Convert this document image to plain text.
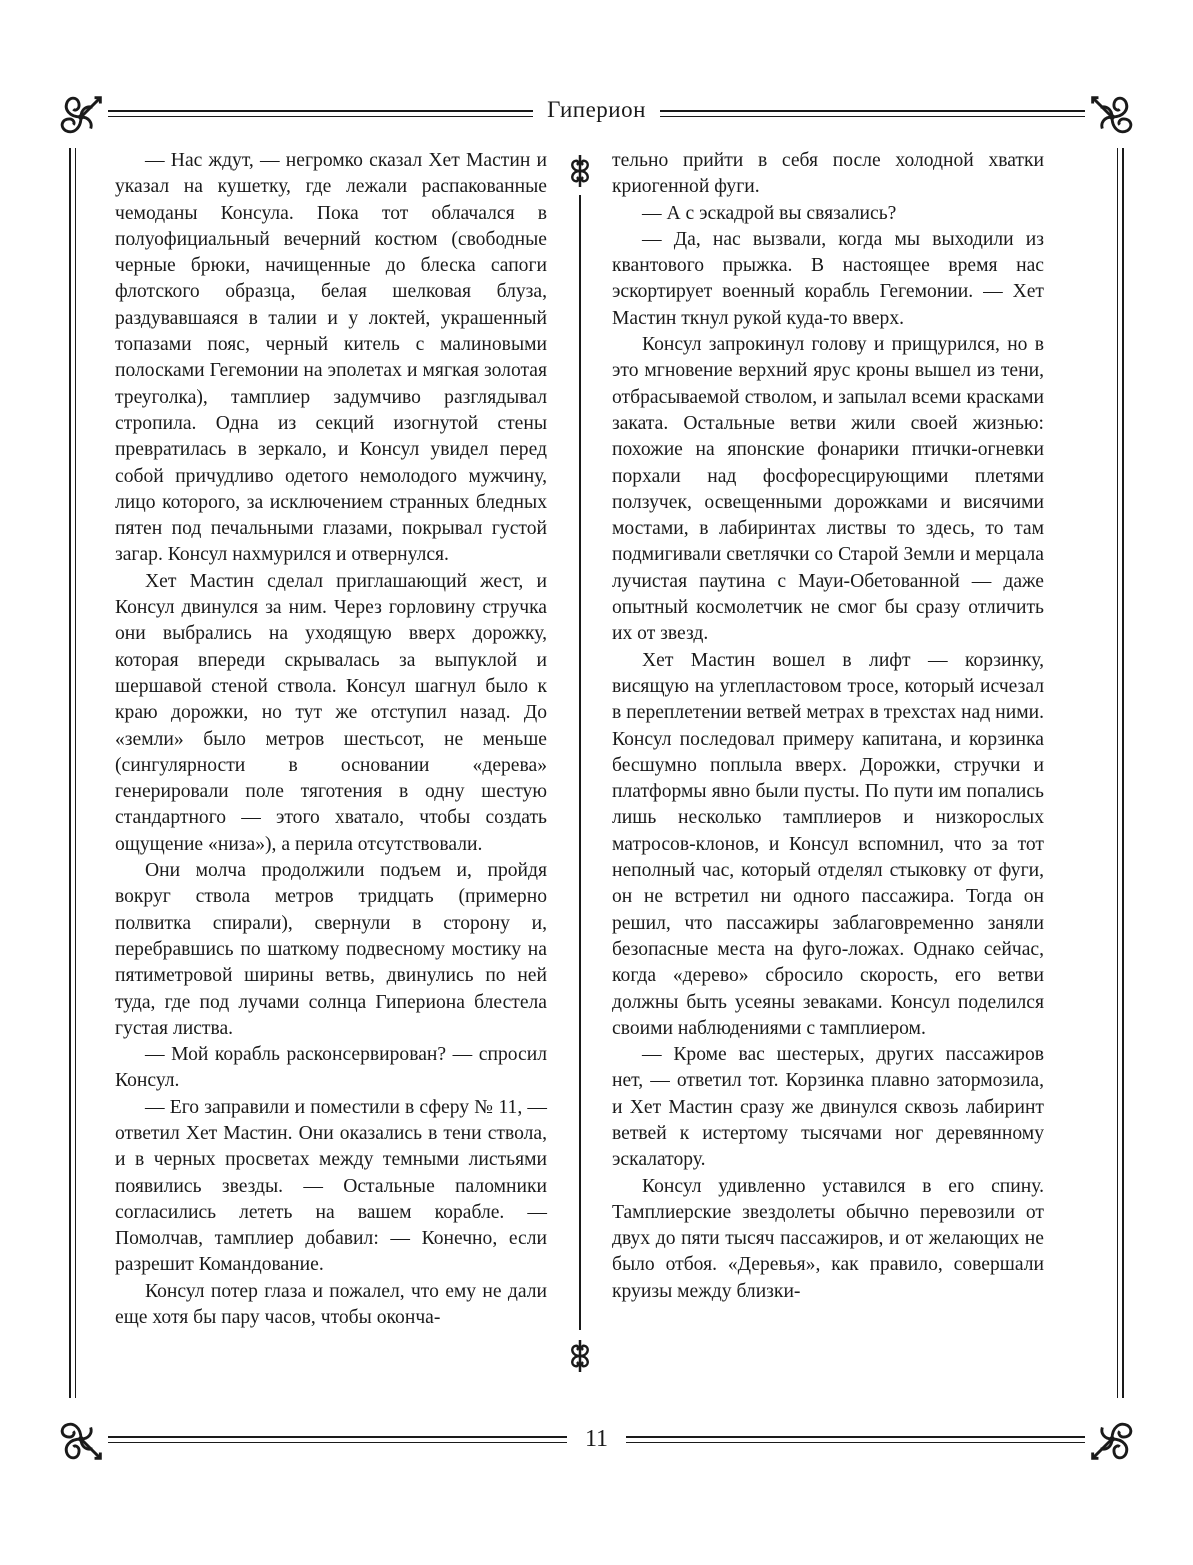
Гиперион

— Нас ждут, — негромко сказал Хет Мастин и указал на кушетку, где лежали распакованные чемоданы Консула. Пока тот облачался в полуофициальный вечерний костюм (свободные черные брюки, начищенные до блеска сапоги флотского образца, белая шелковая блуза, раздувавшаяся в талии и у локтей, украшенный топазами пояс, черный китель с малиновыми полосками Гегемонии на эполетах и мягкая золотая треуголка), тамплиер задумчиво разглядывал стропила. Одна из секций изогнутой стены превратилась в зеркало, и Консул увидел перед собой причудливо одетого немолодого мужчину, лицо которого, за исключением странных бледных пятен под печальными глазами, покрывал густой загар. Консул нахмурился и отвернулся.

Хет Мастин сделал приглашающий жест, и Консул двинулся за ним. Через горловину стручка они выбрались на уходящую вверх дорожку, которая впереди скрывалась за выпуклой и шершавой стеной ствола. Консул шагнул было к краю дорожки, но тут же отступил назад. До «земли» было метров шестьсот, не меньше (сингулярности в основании «дерева» генерировали поле тяготения в одну шестую стандартного — этого хватало, чтобы создать ощущение «низа»), а перила отсутствовали.

Они молча продолжили подъем и, пройдя вокруг ствола метров тридцать (примерно полвитка спирали), свернули в сторону и, перебравшись по шаткому подвесному мостику на пятиметровой ширины ветвь, двинулись по ней туда, где под лучами солнца Гипериона блестела густая листва.

— Мой корабль расконсервирован? — спросил Консул.

— Его заправили и поместили в сферу № 11, — ответил Хет Мастин. Они оказались в тени ствола, и в черных просветах между темными листьями появились звезды. — Остальные паломники согласились лететь на вашем корабле. — Помолчав, тамплиер добавил: — Конечно, если разрешит Командование.

Консул потер глаза и пожалел, что ему не дали еще хотя бы пару часов, чтобы оконча-

тельно прийти в себя после холодной хватки криогенной фуги.

— А с эскадрой вы связались?

— Да, нас вызвали, когда мы выходили из квантового прыжка. В настоящее время нас эскортирует военный корабль Гегемонии. — Хет Мастин ткнул рукой куда-то вверх.

Консул запрокинул голову и прищурился, но в это мгновение верхний ярус кроны вышел из тени, отбрасываемой стволом, и запылал всеми красками заката. Остальные ветви жили своей жизнью: похожие на японские фонарики птички-огневки порхали над фосфоресцирующими плетями ползучек, освещенными дорожками и висячими мостами, в лабиринтах листвы то здесь, то там подмигивали светлячки со Старой Земли и мерцала лучистая паутина с Мауи-Обетованной — даже опытный космолетчик не смог бы сразу отличить их от звезд.

Хет Мастин вошел в лифт — корзинку, висящую на углепластовом тросе, который исчезал в переплетении ветвей метрах в трехстах над ними. Консул последовал примеру капитана, и корзинка бесшумно поплыла вверх. Дорожки, стручки и платформы явно были пусты. По пути им попались лишь несколько тамплиеров и низкорослых матросов-клонов, и Консул вспомнил, что за тот неполный час, который отделял стыковку от фуги, он не встретил ни одного пассажира. Тогда он решил, что пассажиры заблаговременно заняли безопасные места на фуго-ложах. Однако сейчас, когда «дерево» сбросило скорость, его ветви должны быть усеяны зеваками. Консул поделился своими наблюдениями с тамплиером.

— Кроме вас шестерых, других пассажиров нет, — ответил тот. Корзинка плавно затормозила, и Хет Мастин сразу же двинулся сквозь лабиринт ветвей к истертому тысячами ног деревянному эскалатору.

Консул удивленно уставился в его спину. Тамплиерские звездолеты обычно перевозили от двух до пяти тысяч пассажиров, и от желающих не было отбоя. «Деревья», как правило, совершали круизы между близки-

11
